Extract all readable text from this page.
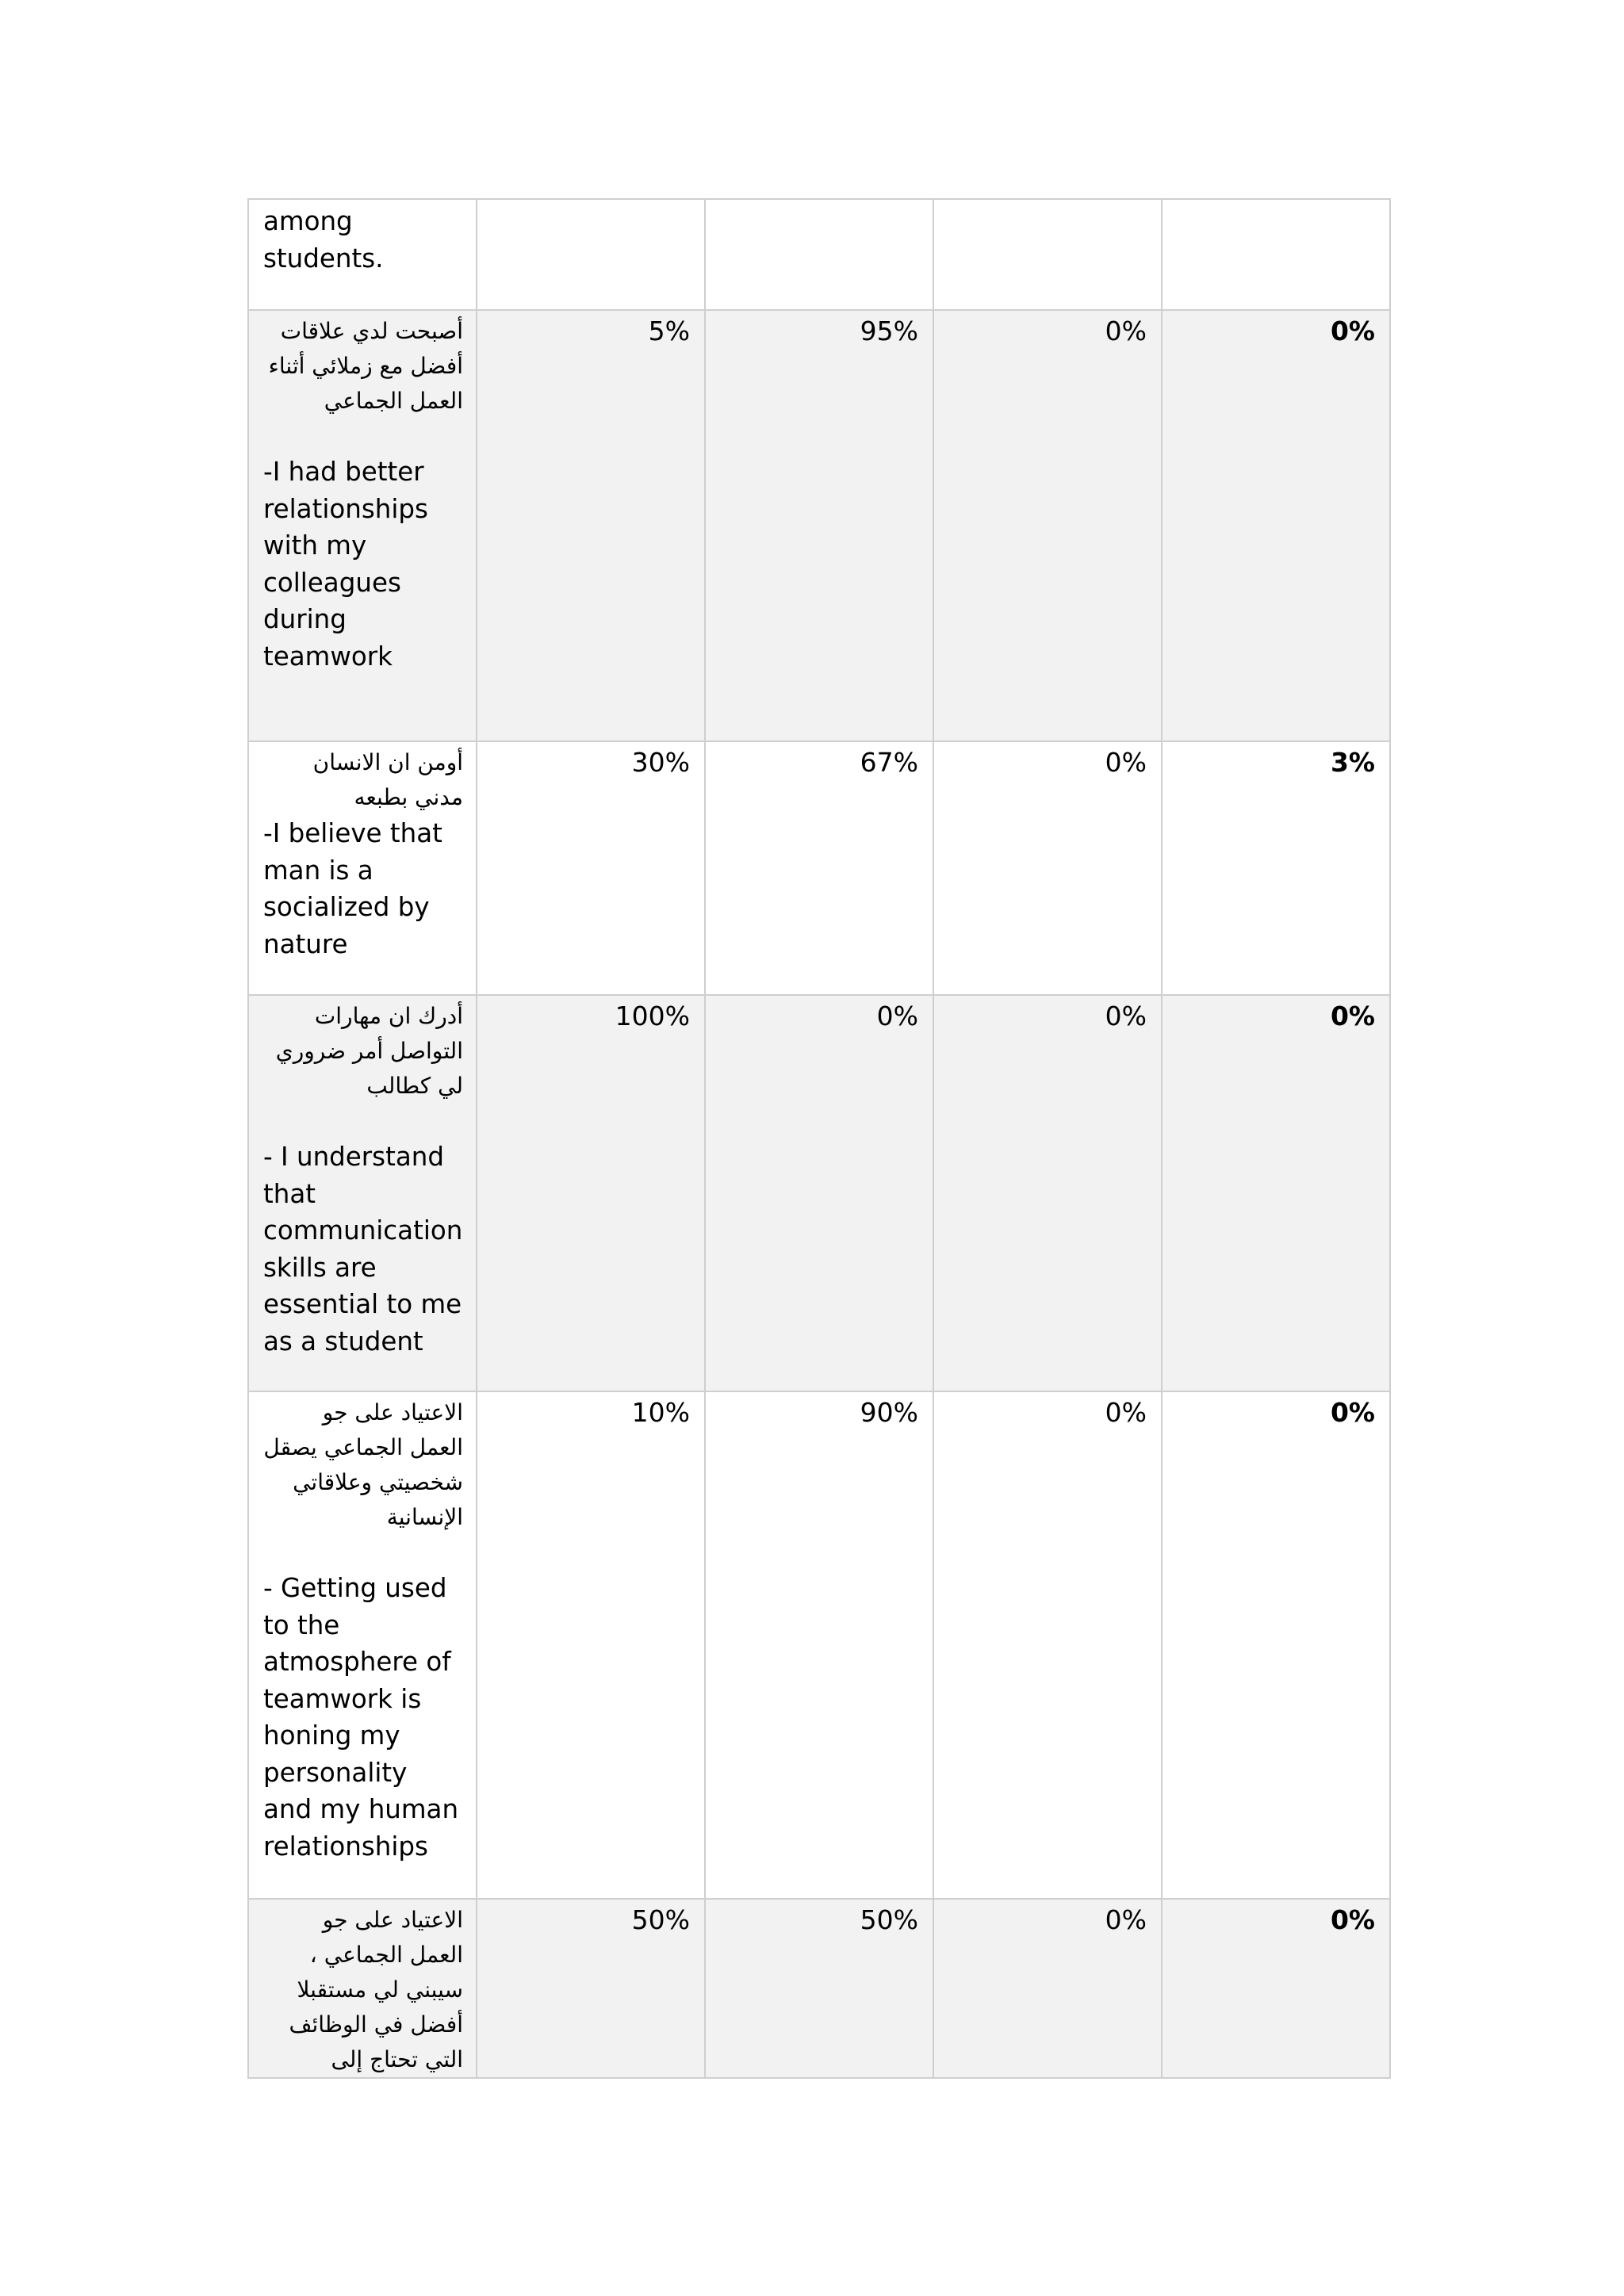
among students.				

أصبحت لدي علاقات أفضل مع زملائي أثناء العمل الجماعي
-I had better relationships with my colleagues during teamwork	5%	95%	0%	0%

أومن ان الانسان مدني بطبعه
-I believe that man is a socialized by nature	30%	67%	0%	3%

أدرك ان مهارات التواصل أمر ضروري لي كطالب
- I understand that communication skills are essential to me as a student	100%	0%	0%	0%

الاعتياد على جو العمل الجماعي يصقل شخصيتي وعلاقاتي الإنسانية
- Getting used to the atmosphere of teamwork is honing my personality and my human relationships	10%	90%	0%	0%

الاعتياد على جو العمل الجماعي ، سيبني لي مستقبلا أفضل في الوظائف التي تحتاج إلى	50%	50%	0%	0%
